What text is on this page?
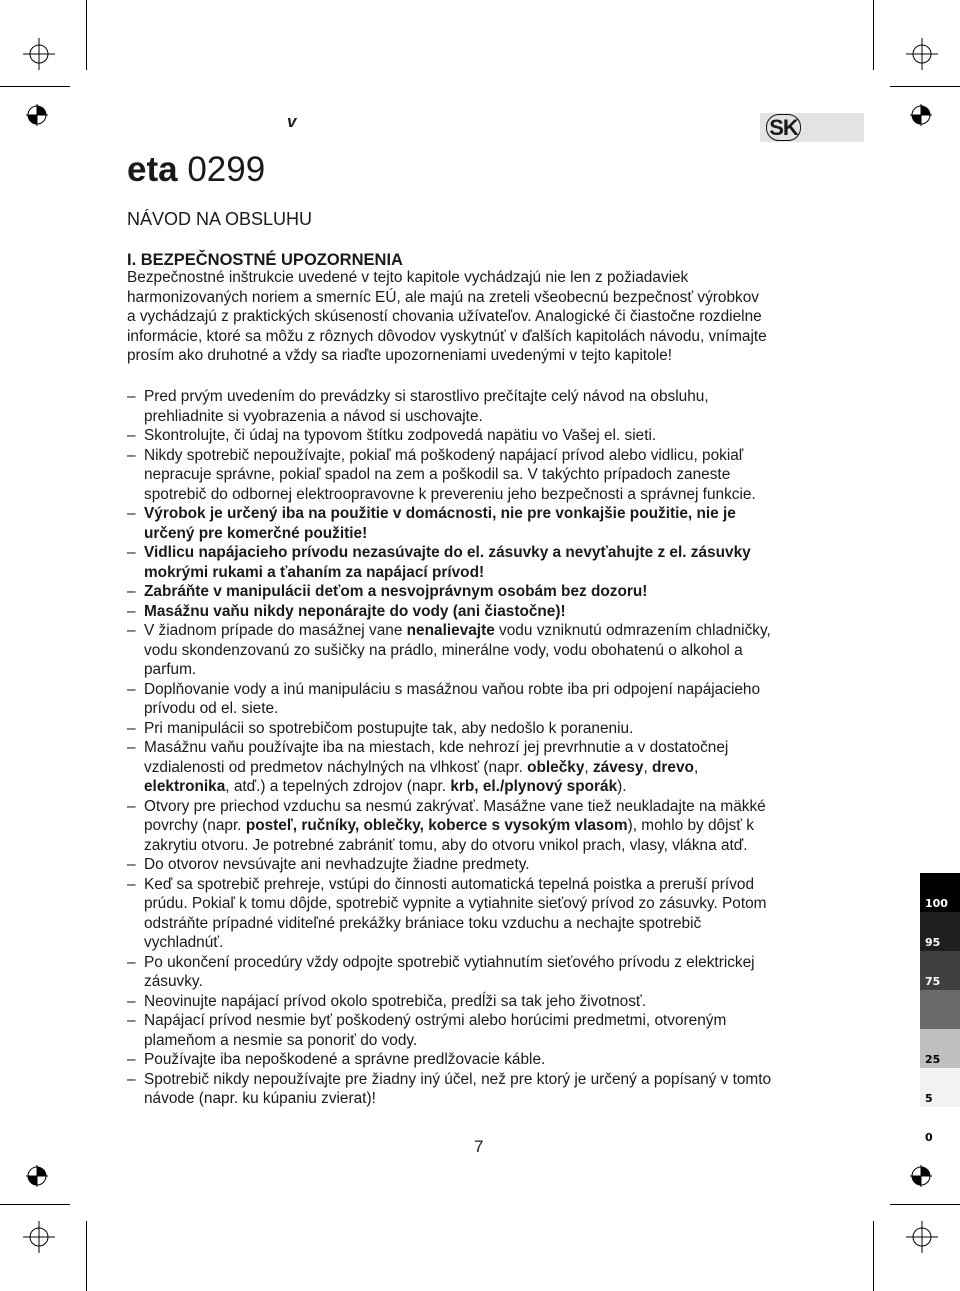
v	SK
eta 0299
NÁVOD NA OBSLUHU
I. BEZPEČNOSTNÉ UPOZORNENIA

Bezpečnostné inštrukcie uvedené v tejto kapitole vychádzajú nie len z požiadaviek

harmonizovaných noriem a smerníc EÚ, ale majú na zreteli všeobecnú bezpečnosť výrobkov

a vychádzajú z praktických skúseností chovania užívateľov. Analogické či čiastočne rozdielne

informácie, ktoré sa môžu z rôznych dôvodov vyskytnúť v ďalších kapitolách návodu, vnímajte

prosím ako druhotné a vždy sa riaďte upozorneniami uvedenými v tejto kapitole!

– Pred prvým uvedením do prevádzky si starostlivo prečítajte celý návod na obsluhu,
prehliadnite si vyobrazenia a návod si uschovajte.
– Skontrolujte, či údaj na typovom štítku zodpovedá napätiu vo Vašej el. sieti.
– Nikdy spotrebič nepoužívajte, pokiaľ má poškodený napájací prívod alebo vidlicu, pokiaľ
nepracuje správne, pokiaľ spadol na zem a poškodil sa. V takýchto prípadoch zaneste
spotrebič do odbornej elektroopravovne k prevereniu jeho bezpečnosti a správnej funkcie.
– Výrobok je určený iba na použitie v domácnosti, nie pre vonkajšie použitie, nie je
určený pre komerčné použitie!
– Vidlicu napájacieho prívodu nezasúvajte do el. zásuvky a nevyťahujte z el. zásuvky
mokrými rukami a ťahaním za napájací prívod!
– Zabráňte v manipulácii deťom a nesvojprávnym osobám bez dozoru!
– Masážnu vaňu nikdy neponárajte do vody (ani čiastočne)!
– V žiadnom prípade do masážnej vane nenalievajte vodu vzniknutú odmrazením chladničky,
vodu skondenzovanú zo sušičky na prádlo, minerálne vody, vodu obohatenú o alkohol a
parfum.
– Doplňovanie vody a inú manipuláciu s masážnou vaňou robte iba pri odpojení napájacieho
prívodu od el. siete.
– Pri manipulácii so spotrebičom postupujte tak, aby nedošlo k poraneniu.
– Masážnu vaňu používajte iba na miestach, kde nehrozí jej prevrhnutie a v dostatočnej
vzdialenosti od predmetov náchylných na vlhkosť (napr. oblečky, závesy, drevo,
elektronika, atď.) a tepelných zdrojov (napr. krb, el./plynový sporák).
– Otvory pre priechod vzduchu sa nesmú zakrývať. Masážne vane tiež neukladajte na mäkké
povrchy (napr. posteľ, ručníky, oblečky, koberce s vysokým vlasom), mohlo by dôjsť k
zakrytiu otvoru. Je potrebné zabrániť tomu, aby do otvoru vnikol prach, vlasy, vlákna atď.
– Do otvorov nevsúvajte ani nevhadzujte žiadne predmety.
– Keď sa spotrebič prehreje, vstúpi do činnosti automatická tepelná poistka a preruší prívod
prúdu. Pokiaľ k tomu dôjde, spotrebič vypnite a vytiahnite sieťový prívod zo zásuvky. Potom
odstráňte prípadné viditeľné prekážky brániace toku vzduchu a nechajte spotrebič
vychladnúť.
– Po ukončení procedúry vždy odpojte spotrebič vytiahnutím sieťového prívodu z elektrickej
zásuvky.
– Neovinujte napájací prívod okolo spotrebiča, predĺži sa tak jeho životnosť.
– Napájací prívod nesmie byť poškodený ostrými alebo horúcimi predmetmi, otvoreným
plameňom a nesmie sa ponoriť do vody.
– Používajte iba nepoškodené a správne predlžovacie káble.
– Spotrebič nikdy nepoužívajte pre žiadny iný účel, než pre ktorý je určený a popísaný v tomto
návode (napr. ku kúpaniu zvierat)!
7
100
95
75
25
5
0
